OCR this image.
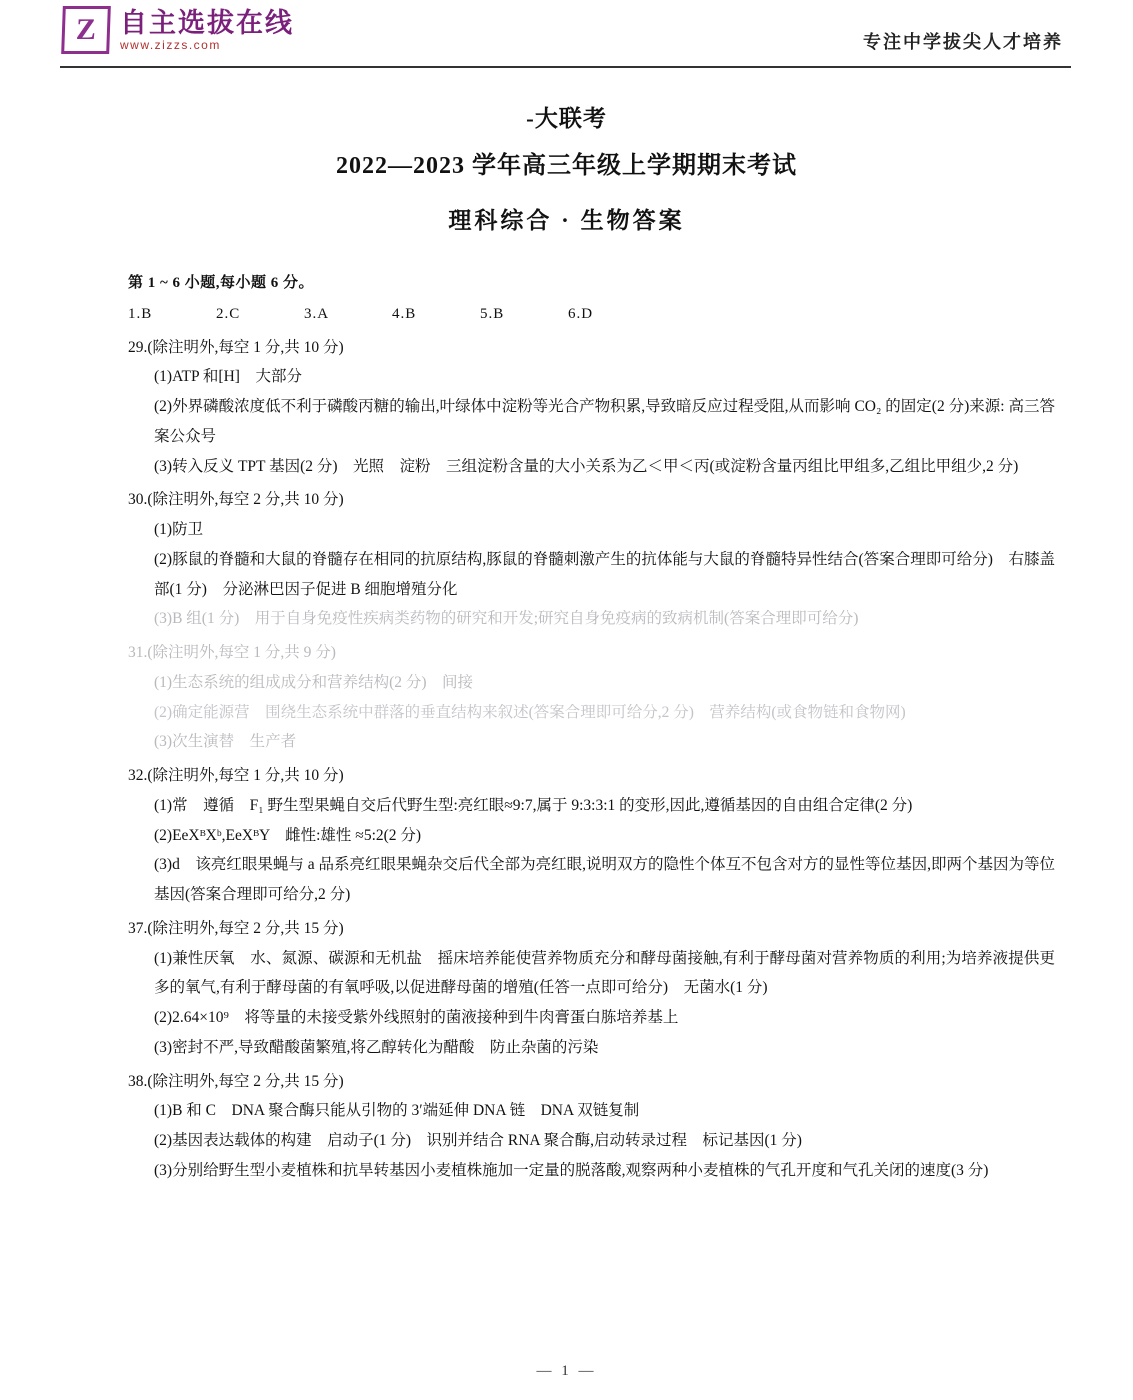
Z 自主选拔在线
www.zizzs.com	专注中学拔尖人才培养
-大联考
2022—2023 学年高三年级上学期期末考试
理科综合 · 生物答案
第 1 ~ 6 小题,每小题 6 分。
1.B	2.C	3.A	4.B	5.B	6.D
29.(除注明外,每空 1 分,共 10 分)
(1)ATP 和[H]　大部分
(2)外界磷酸浓度低不利于磷酸丙糖的输出,叶绿体中淀粉等光合产物积累,导致暗反应过程受阻,从而影响 CO₂ 的固定(2 分)来源: 高三答案公众号
(3)转入反义 TPT 基因(2 分)　光照　淀粉　三组淀粉含量的大小关系为乙＜甲＜丙(或淀粉含量丙组比甲组多,乙组比甲组少,2 分)
30.(除注明外,每空 2 分,共 10 分)
(1)防卫
(2)豚鼠的脊髓和大鼠的脊髓存在相同的抗原结构,豚鼠的脊髓刺激产生的抗体能与大鼠的脊髓特异性结合(答案合理即可给分)　右膝盖部(1 分)　分泌淋巴因子促进 B 细胞增殖分化
(3)B 组(1 分)　用于自身免疫性疾病类药物的研究和开发;研究自身免疫病的致病机制(答案合理即可给分)
31.(除注明外,每空 1 分,共 9 分)
(1)生态系统的组成成分和营养结构(2 分)　间接
(2)确定能源营　围绕生态系统中群落的垂直结构来叙述(答案合理即可给分,2 分)　营养结构(或食物链和食物网)
(3)次生演替　生产者
32.(除注明外,每空 1 分,共 10 分)
(1)常　遵循　F₁ 野生型果蝇自交后代野生型:亮红眼≈9:7,属于 9:3:3:1 的变形,因此,遵循基因的自由组合定律(2 分)
(2)EeXᴮXᵇ,EeXᴮY　雌性:雄性 ≈5:2(2 分)
(3)d　该亮红眼果蝇与 a 品系亮红眼果蝇杂交后代全部为亮红眼,说明双方的隐性个体互不包含对方的显性等位基因,即两个基因为等位基因(答案合理即可给分,2 分)
37.(除注明外,每空 2 分,共 15 分)
(1)兼性厌氧　水、氮源、碳源和无机盐　摇床培养能使营养物质充分和酵母菌接触,有利于酵母菌对营养物质的利用;为培养液提供更多的氧气,有利于酵母菌的有氧呼吸,以促进酵母菌的增殖(任答一点即可给分)　无菌水(1 分)
(2)2.64×10⁹　将等量的未接受紫外线照射的菌液接种到牛肉膏蛋白胨培养基上
(3)密封不严,导致醋酸菌繁殖,将乙醇转化为醋酸　防止杂菌的污染
38.(除注明外,每空 2 分,共 15 分)
(1)B 和 C　DNA 聚合酶只能从引物的 3′端延伸 DNA 链　DNA 双链复制
(2)基因表达载体的构建　启动子(1 分)　识别并结合 RNA 聚合酶,启动转录过程　标记基因(1 分)
(3)分别给野生型小麦植株和抗旱转基因小麦植株施加一定量的脱落酸,观察两种小麦植株的气孔开度和气孔关闭的速度(3 分)
— 1 —
